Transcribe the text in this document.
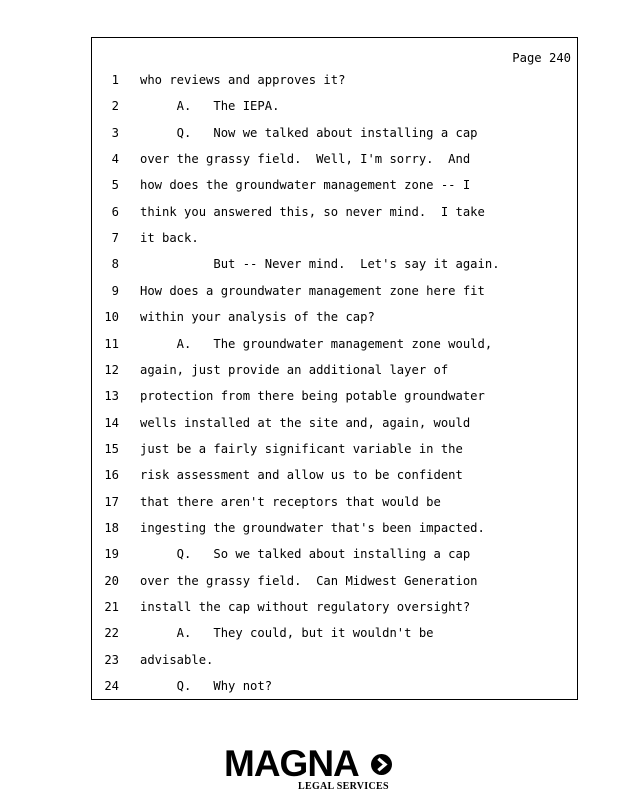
Page 240
1 who reviews and approves it?
2 A.   The IEPA.
3 Q.   Now we talked about installing a cap
4 over the grassy field.  Well, I'm sorry.  And
5 how does the groundwater management zone -- I
6 think you answered this, so never mind.  I take
7 it back.
8 But -- Never mind.  Let's say it again.
9 How does a groundwater management zone here fit
10 within your analysis of the cap?
11 A.   The groundwater management zone would,
12 again, just provide an additional layer of
13 protection from there being potable groundwater
14 wells installed at the site and, again, would
15 just be a fairly significant variable in the
16 risk assessment and allow us to be confident
17 that there aren't receptors that would be
18 ingesting the groundwater that's been impacted.
19 Q.   So we talked about installing a cap
20 over the grassy field.  Can Midwest Generation
21 install the cap without regulatory oversight?
22 A.   They could, but it wouldn't be
23 advisable.
24 Q.   Why not?
MAGNA
LEGAL SERVICES
